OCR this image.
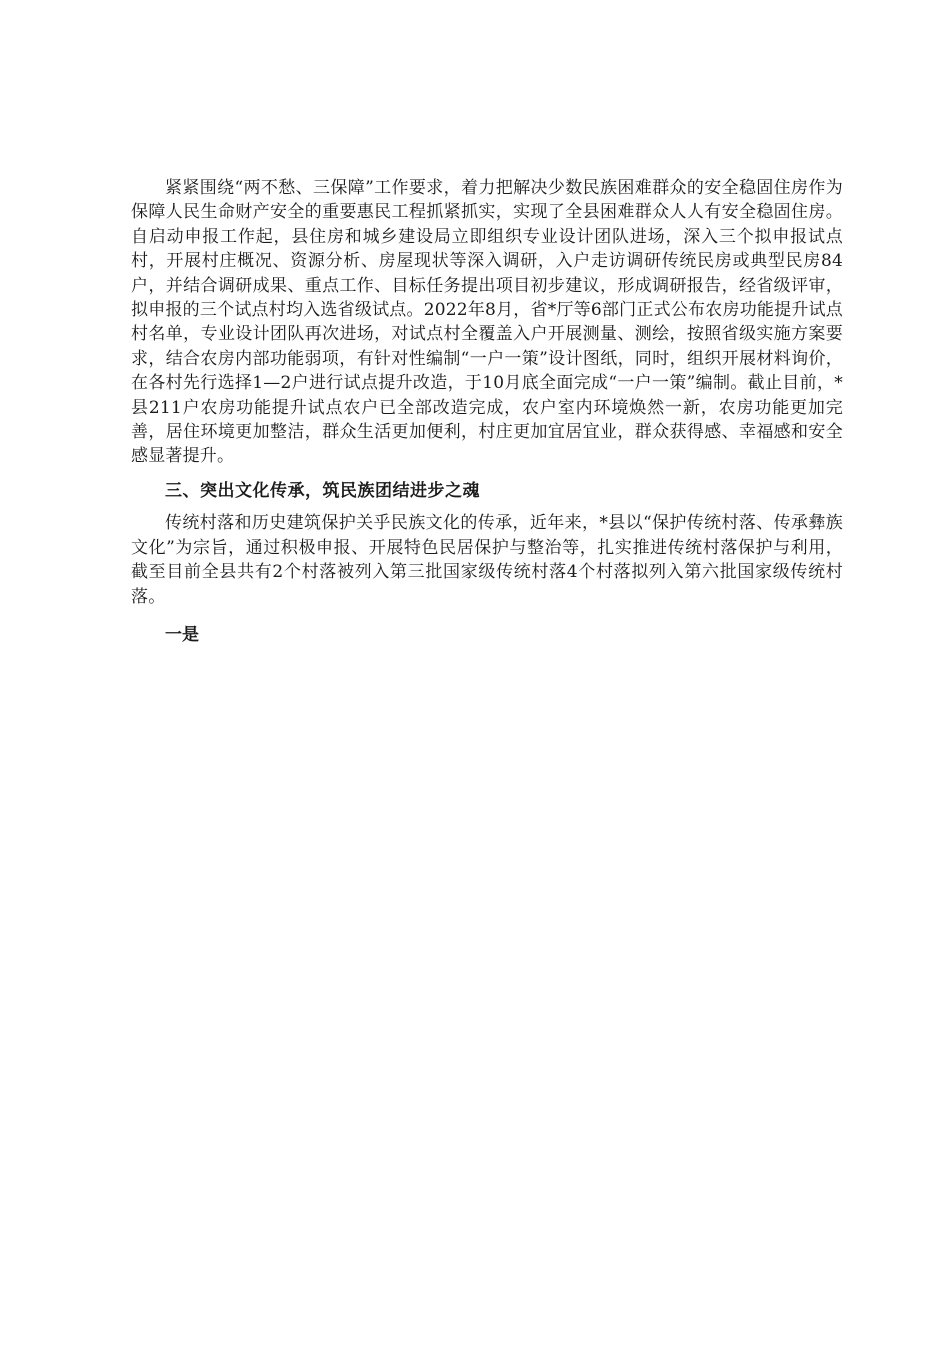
紧紧围绕“两不愁、三保障”工作要求，着力把解决少数民族困难群众的安全稳固住房作为保障人民生命财产安全的重要惠民工程抓紧抓实，实现了全县困难群众人人有安全稳固住房。自启动申报工作起，县住房和城乡建设局立即组织专业设计团队进场，深入三个拟申报试点村，开展村庄概况、资源分析、房屋现状等深入调研，入户走访调研传统民房或典型民房84户，并结合调研成果、重点工作、目标任务提出项目初步建议，形成调研报告，经省级评审，拟申报的三个试点村均入选省级试点。2022年8月，省*厅等6部门正式公布农房功能提升试点村名单，专业设计团队再次进场，对试点村全覆盖入户开展测量、测绘，按照省级实施方案要求，结合农房内部功能弱项，有针对性编制“一户一策”设计图纸，同时，组织开展材料询价，在各村先行选择1—2户进行试点提升改造，于10月底全面完成“一户一策”编制。截止目前，*县211户农房功能提升试点农户已全部改造完成，农户室内环境焕然一新，农房功能更加完善，居住环境更加整洁，群众生活更加便利，村庄更加宜居宜业，群众获得感、幸福感和安全感显著提升。

三、突出文化传承，筑民族团结进步之魂

传统村落和历史建筑保护关乎民族文化的传承，近年来，*县以“保护传统村落、传承彝族文化”为宗旨，通过积极申报、开展特色民居保护与整治等，扎实推进传统村落保护与利用，截至目前全县共有2个村落被列入第三批国家级传统村落4个村落拟列入第六批国家级传统村落。

一是
